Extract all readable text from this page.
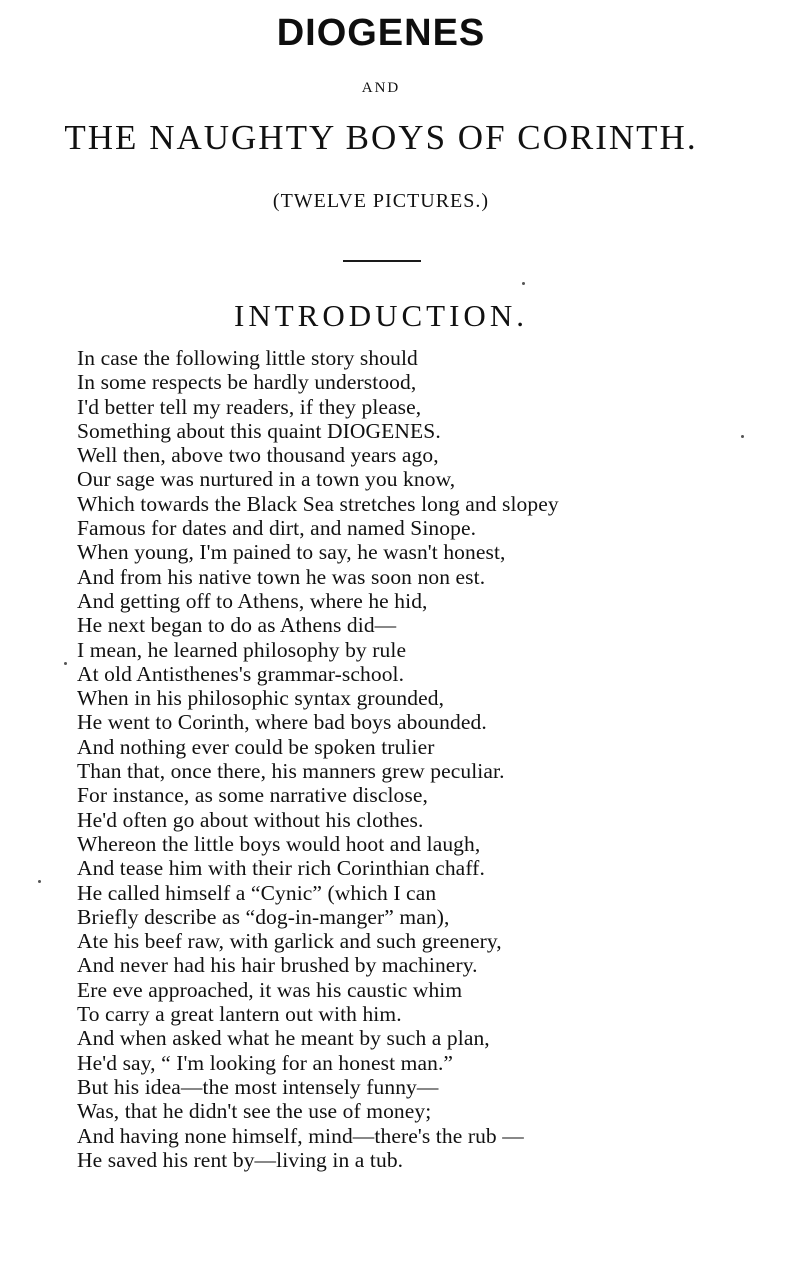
DIOGENES
AND
THE NAUGHTY BOYS OF CORINTH.
(TWELVE PICTURES.)
INTRODUCTION.
In case the following little story should
In some respects be hardly understood,
I'd better tell my readers, if they please,
Something about this quaint DIOGENES.
Well then, above two thousand years ago,
Our sage was nurtured in a town you know,
Which towards the Black Sea stretches long and slopey
Famous for dates and dirt, and named Sinope.
When young, I'm pained to say, he wasn't honest,
And from his native town he was soon non est.
And getting off to Athens, where he hid,
He next began to do as Athens did—
I mean, he learned philosophy by rule
At old Antisthenes's grammar-school.
When in his philosophic syntax grounded,
He went to Corinth, where bad boys abounded.
And nothing ever could be spoken trulier
Than that, once there, his manners grew peculiar.
For instance, as some narrative disclose,
He'd often go about without his clothes.
Whereon the little boys would hoot and laugh,
And tease him with their rich Corinthian chaff.
He called himself a “Cynic” (which I can
Briefly describe as “dog-in-manger” man),
Ate his beef raw, with garlick and such greenery,
And never had his hair brushed by machinery.
Ere eve approached, it was his caustic whim
To carry a great lantern out with him.
And when asked what he meant by such a plan,
He'd say, “ I'm looking for an honest man.”
But his idea—the most intensely funny—
Was, that he didn't see the use of money;
And having none himself, mind—there's the rub —
He saved his rent by—living in a tub.
